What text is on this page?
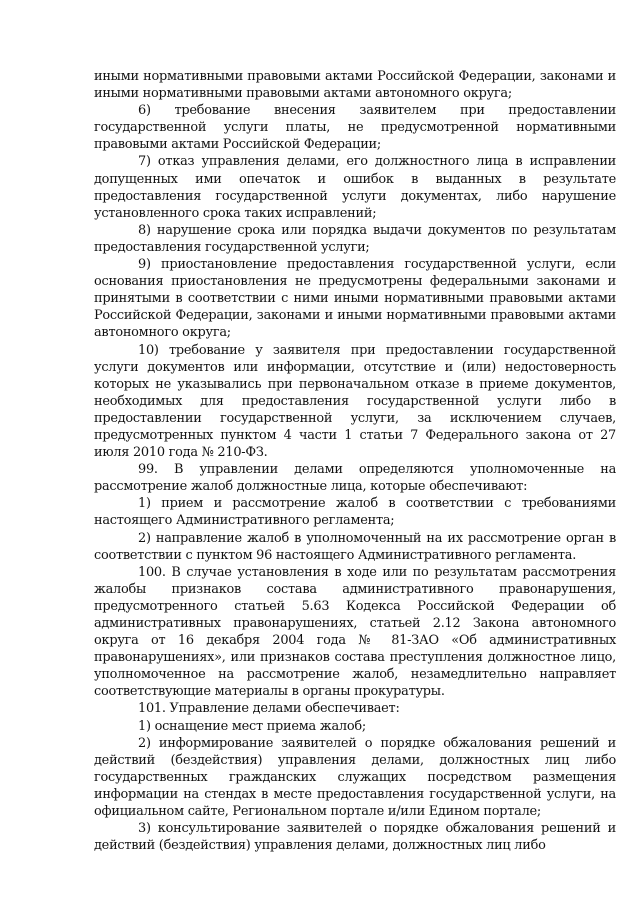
иными нормативными правовыми актами Российской Федерации, законами и иными нормативными правовыми актами автономного округа;

6) требование внесения заявителем при предоставлении государственной услуги платы, не предусмотренной нормативными правовыми актами Российской Федерации;

7) отказ управления делами, его должностного лица в исправлении допущенных ими опечаток и ошибок в выданных в результате предоставления государственной услуги документах, либо нарушение установленного срока таких исправлений;

8) нарушение срока или порядка выдачи документов по результатам предоставления государственной услуги;

9) приостановление предоставления государственной услуги, если основания приостановления не предусмотрены федеральными законами и принятыми в соответствии с ними иными нормативными правовыми актами Российской Федерации, законами и иными нормативными правовыми актами автономного округа;

10) требование у заявителя при предоставлении государственной услуги документов или информации, отсутствие и (или) недостоверность которых не указывались при первоначальном отказе в приеме документов, необходимых для предоставления государственной услуги либо в предоставлении государственной услуги, за исключением случаев, предусмотренных пунктом 4 части 1 статьи 7 Федерального закона от 27 июля 2010 года № 210-ФЗ.

99. В управлении делами определяются уполномоченные на рассмотрение жалоб должностные лица, которые обеспечивают:

1) прием и рассмотрение жалоб в соответствии с требованиями настоящего Административного регламента;

2) направление жалоб в уполномоченный на их рассмотрение орган в соответствии с пунктом 96 настоящего Административного регламента.

100. В случае установления в ходе или по результатам рассмотрения жалобы признаков состава административного правонарушения, предусмотренного статьей 5.63 Кодекса Российской Федерации об административных правонарушениях, статьей 2.12 Закона автономного округа от 16 декабря 2004 года № 81-ЗАО «Об административных правонарушениях», или признаков состава преступления должностное лицо, уполномоченное на рассмотрение жалоб, незамедлительно направляет соответствующие материалы в органы прокуратуры.

101. Управление делами обеспечивает:

1) оснащение мест приема жалоб;

2) информирование заявителей о порядке обжалования решений и действий (бездействия) управления делами, должностных лиц либо государственных гражданских служащих посредством размещения информации на стендах в месте предоставления государственной услуги, на официальном сайте, Региональном портале и/или Едином портале;

3) консультирование заявителей о порядке обжалования решений и действий (бездействия) управления делами, должностных лиц либо
